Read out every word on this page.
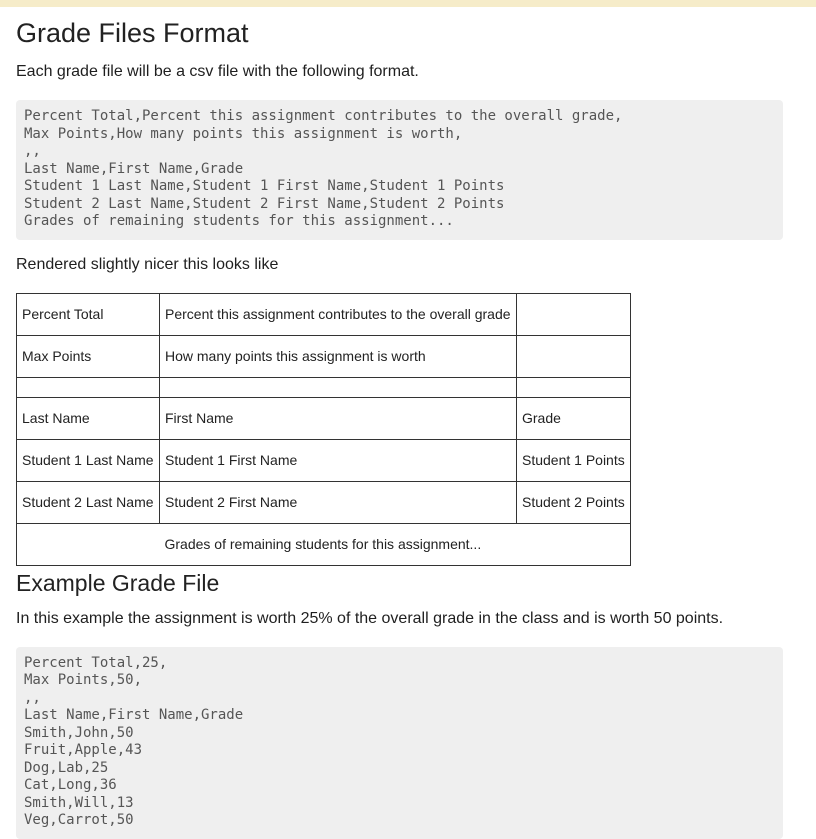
Grade Files Format

Each grade file will be a csv file with the following format.

Percent Total,Percent this assignment contributes to the overall grade,
Max Points,How many points this assignment is worth,
,,
Last Name,First Name,Grade
Student 1 Last Name,Student 1 First Name,Student 1 Points
Student 2 Last Name,Student 2 First Name,Student 2 Points
Grades of remaining students for this assignment...

Rendered slightly nicer this looks like

Percent Total	Percent this assignment contributes to the overall grade	
Max Points	How many points this assignment is worth	

Last Name	First Name	Grade
Student 1 Last Name	Student 1 First Name	Student 1 Points
Student 2 Last Name	Student 2 First Name	Student 2 Points
	Grades of remaining students for this assignment...	
Example Grade File

In this example the assignment is worth 25% of the overall grade in the class and is worth 50 points.

Percent Total,25,
Max Points,50,
,,
Last Name,First Name,Grade
Smith,John,50
Fruit,Apple,43
Dog,Lab,25
Cat,Long,36
Smith,Will,13
Veg,Carrot,50
